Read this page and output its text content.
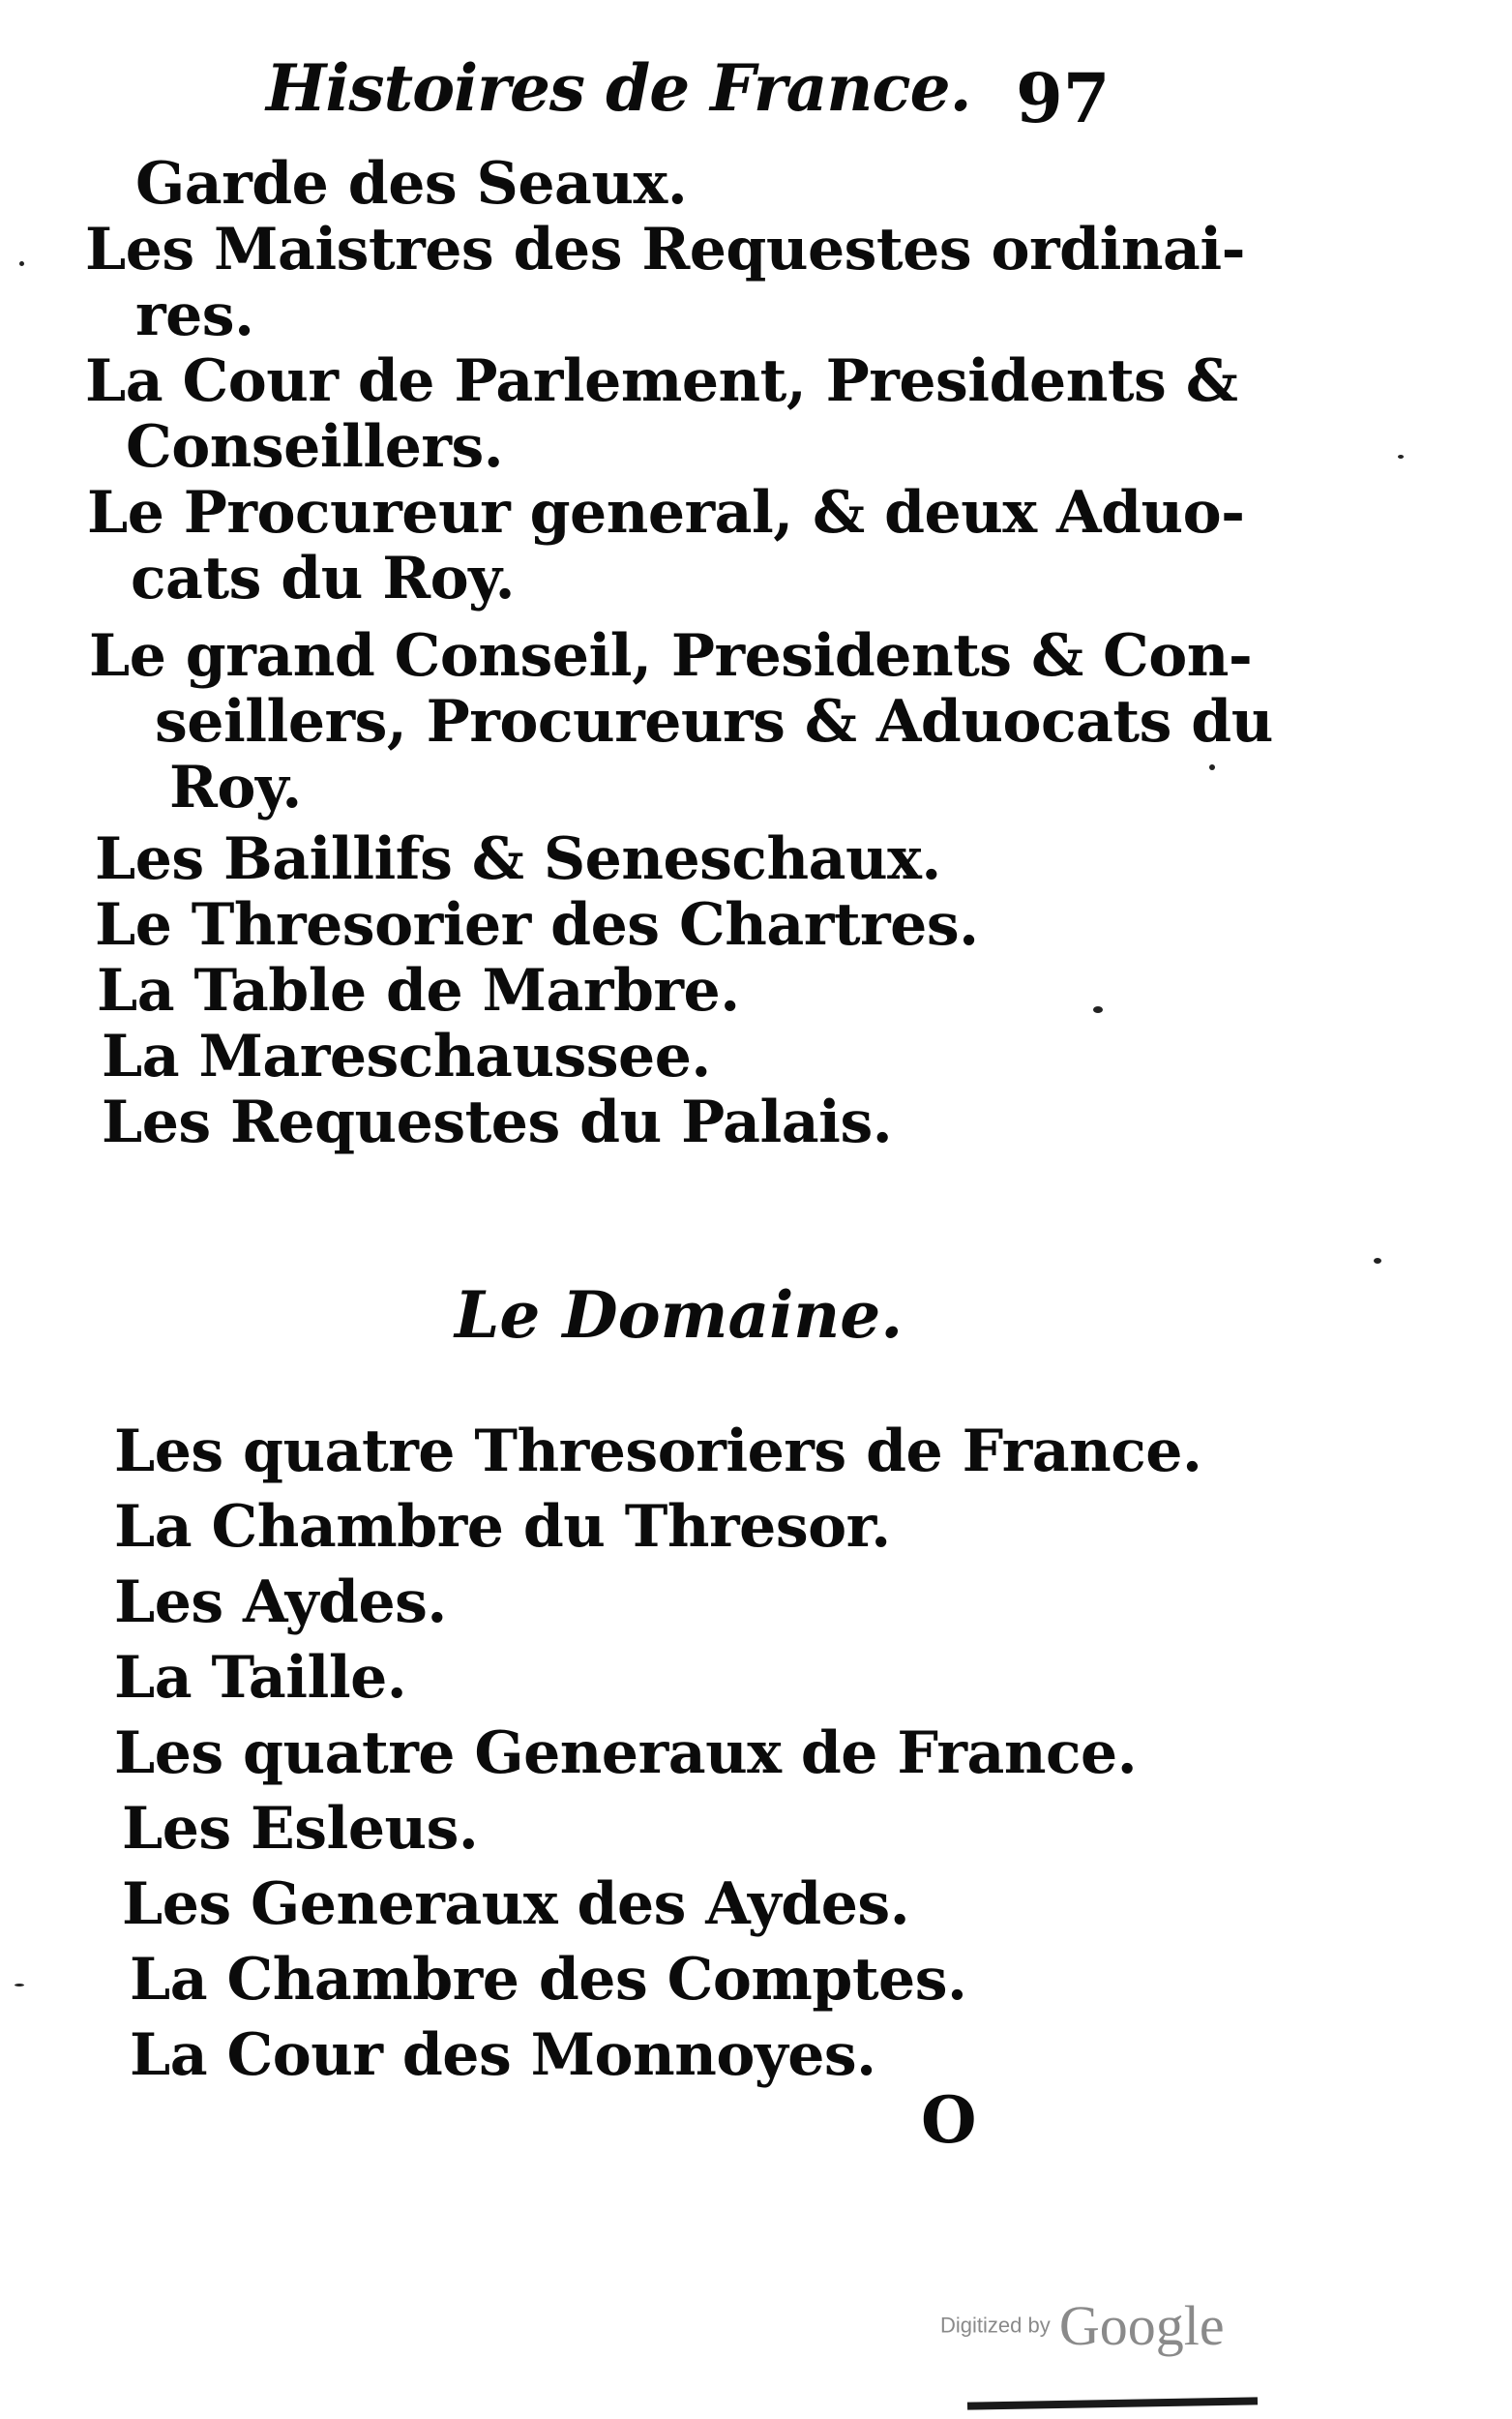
Histoires de France. 97
Garde des Seaux.
Les Maistres des Requestes ordinai-
res.
La Cour de Parlement, Presidents &
Conseillers.
Le Procureur general, & deux Aduo-
cats du Roy.
Le grand Conseil, Presidents & Con-
seillers, Procureurs & Aduocats du
Roy.
Les Baillifs & Seneschaux.
Le Thresorier des Chartres.
La Table de Marbre.
La Mareschaussee.
Les Requestes du Palais.
Le Domaine.
Les quatre Thresoriers de France.
La Chambre du Thresor.
Les Aydes.
La Taille.
Les quatre Generaux de France.
Les Esleus.
Les Generaux des Aydes.
La Chambre des Comptes.
La Cour des Monnoyes.
O
Digitized by Google
